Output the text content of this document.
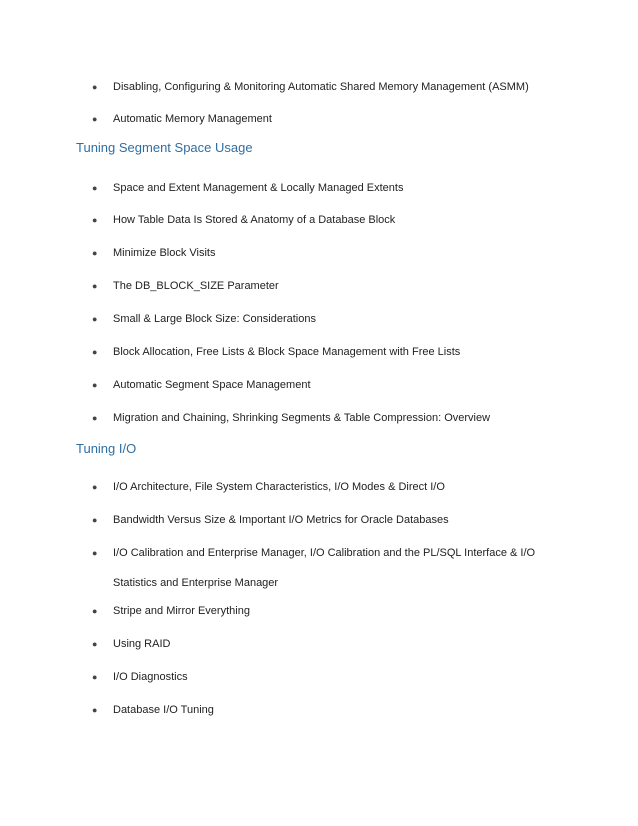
● Disabling, Configuring & Monitoring Automatic Shared Memory Management (ASMM)
● Automatic Memory Management
Tuning Segment Space Usage
● Space and Extent Management & Locally Managed Extents
● How Table Data Is Stored & Anatomy of a Database Block
● Minimize Block Visits
● The DB_BLOCK_SIZE Parameter
● Small & Large Block Size: Considerations
● Block Allocation, Free Lists & Block Space Management with Free Lists
● Automatic Segment Space Management
● Migration and Chaining, Shrinking Segments & Table Compression: Overview
Tuning I/O
● I/O Architecture, File System Characteristics, I/O Modes & Direct I/O
● Bandwidth Versus Size & Important I/O Metrics for Oracle Databases
● I/O Calibration and Enterprise Manager, I/O Calibration and the PL/SQL Interface & I/O Statistics and Enterprise Manager
● Stripe and Mirror Everything
● Using RAID
● I/O Diagnostics
● Database I/O Tuning
